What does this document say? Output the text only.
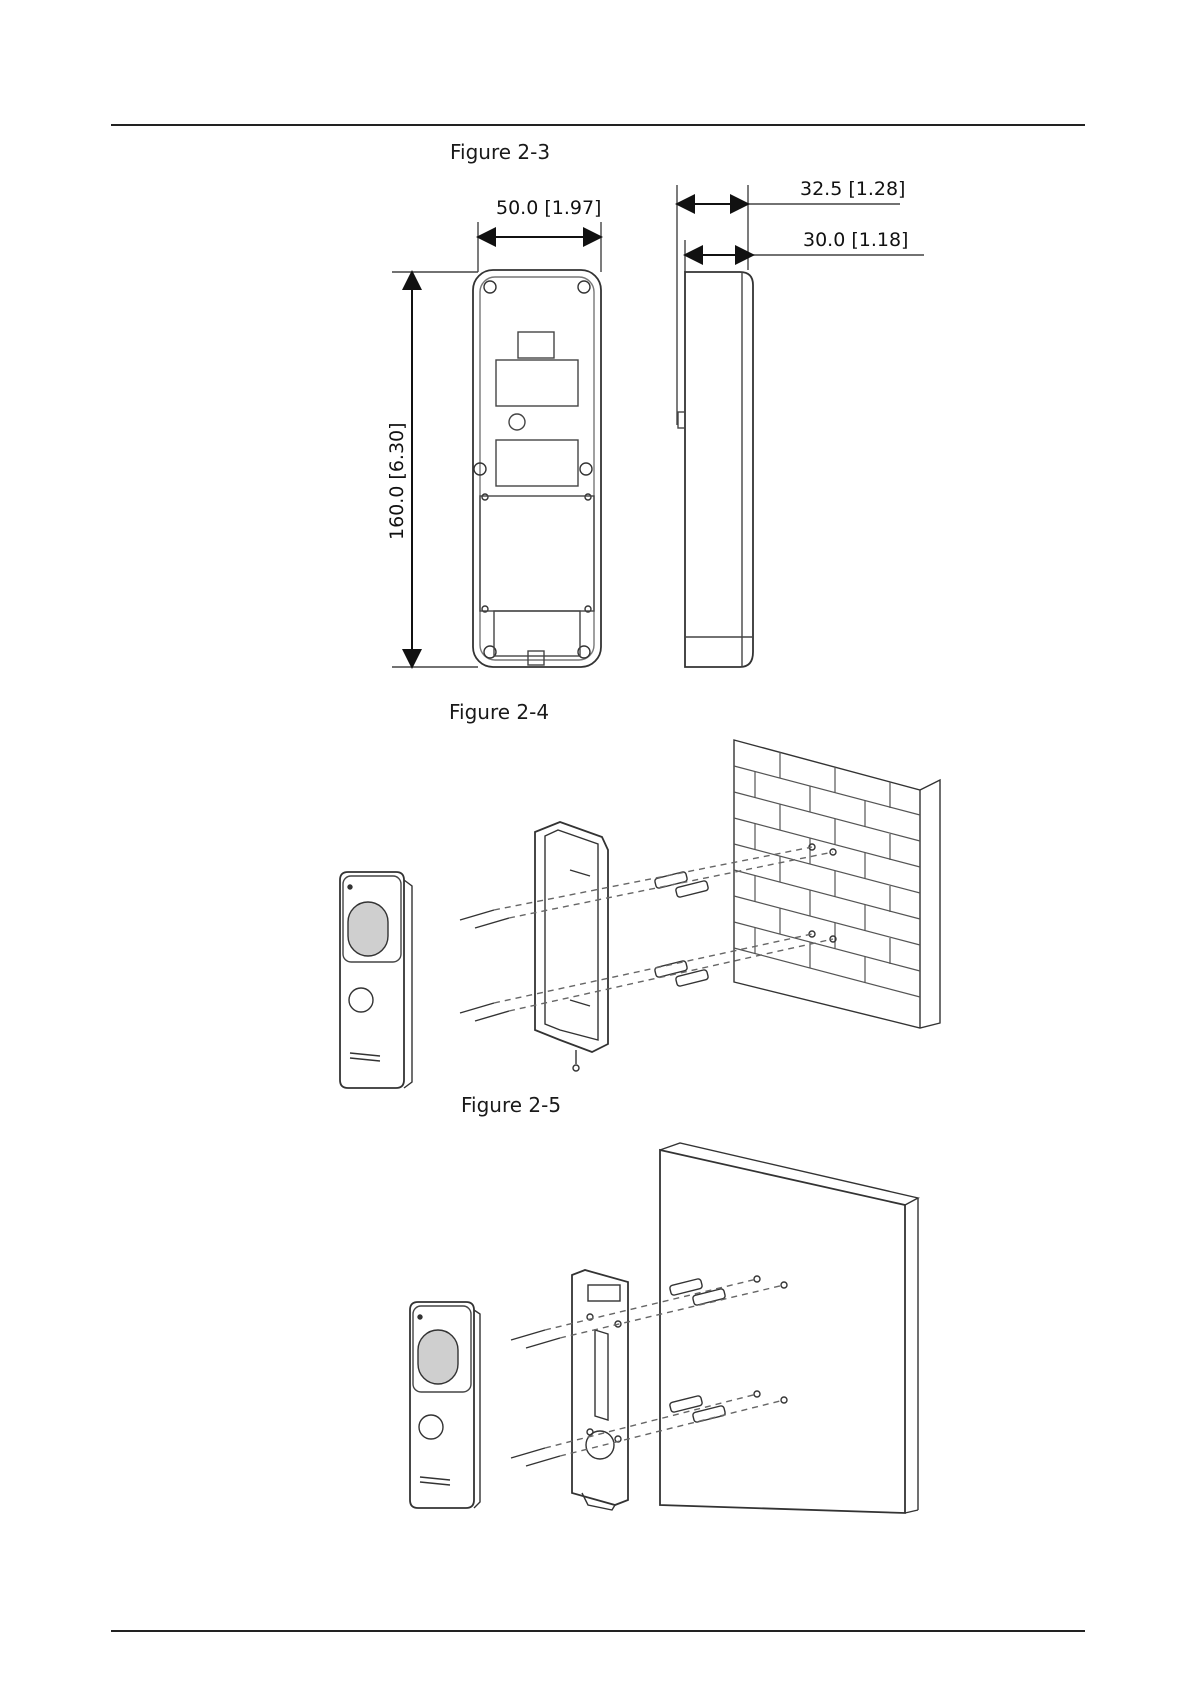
Figure 2-3
Figure 2-4
Figure 2-5
50.0 [1.97]
32.5 [1.28]
30.0 [1.18]
160.0 [6.30]
